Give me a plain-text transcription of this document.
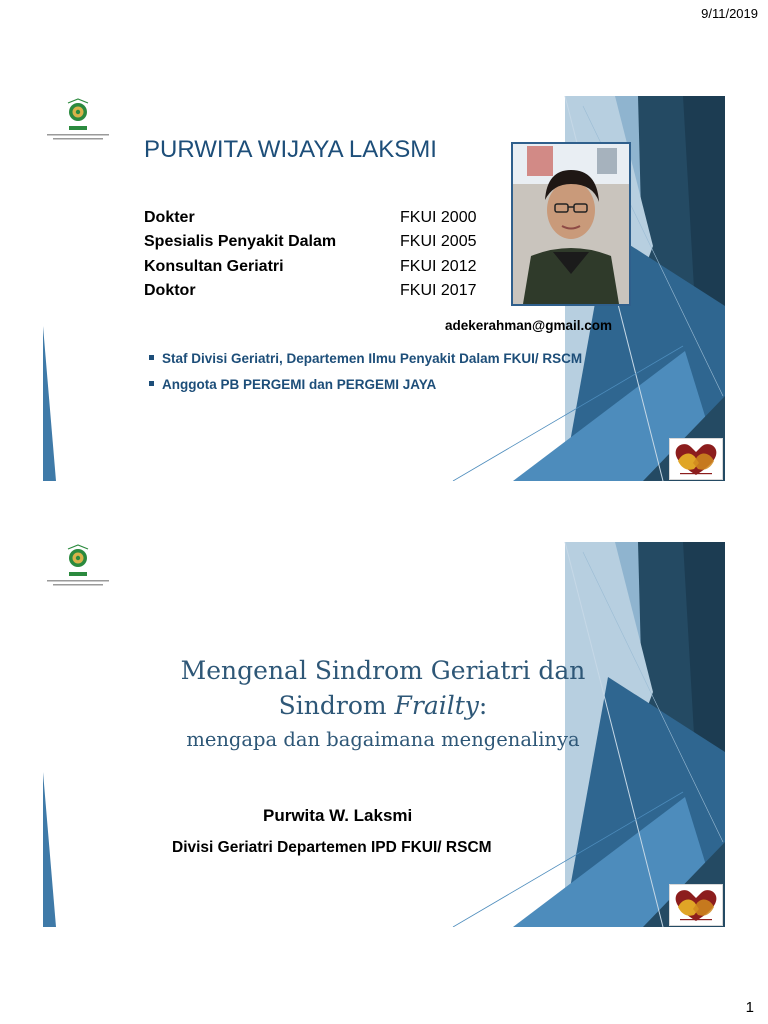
9/11/2019
PURWITA WIJAYA LAKSMI
Dokter	FKUI 2000
Spesialis Penyakit Dalam	FKUI 2005
Konsultan Geriatri	FKUI 2012
Doktor	FKUI 2017
adekerahman@gmail.com
Staf Divisi Geriatri, Departemen Ilmu Penyakit Dalam FKUI/ RSCM
Anggota PB PERGEMI dan PERGEMI JAYA
Mengenal Sindrom Geriatri dan
Sindrom Frailty:
mengapa dan bagaimana mengenalinya
Purwita W. Laksmi
Divisi Geriatri Departemen IPD FKUI/ RSCM
1
